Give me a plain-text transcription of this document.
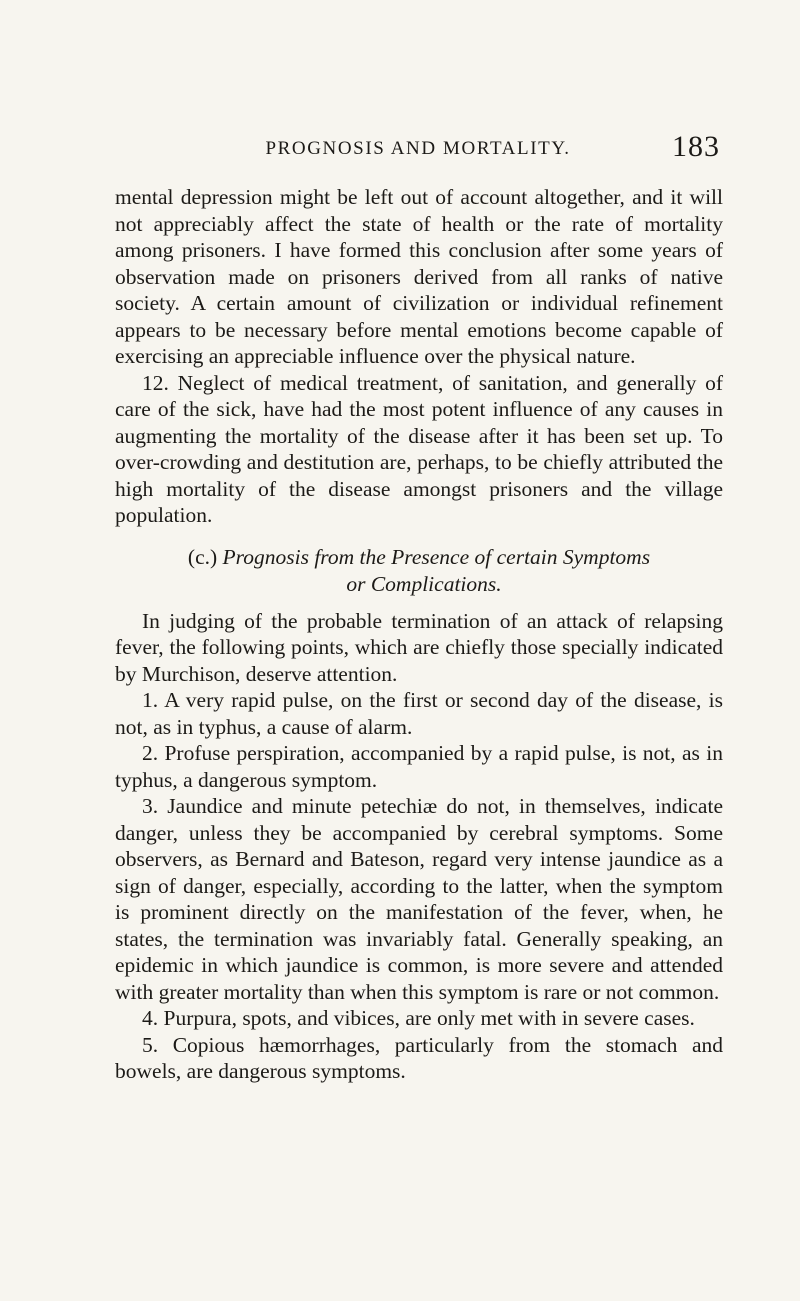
PROGNOSIS AND MORTALITY.	183

mental depression might be left out of account altogether, and it will not appreciably affect the state of health or the rate of mortality among prisoners. I have formed this conclusion after some years of observation made on prisoners derived from all ranks of native society. A certain amount of civilization or individual refinement appears to be necessary before mental emotions become capable of exercising an appreciable influence over the physical nature.

12. Neglect of medical treatment, of sanitation, and generally of care of the sick, have had the most potent influence of any causes in augmenting the mortality of the disease after it has been set up. To over-crowding and destitution are, perhaps, to be chiefly attributed the high mortality of the disease amongst prisoners and the village population.

(c.) Prognosis from the Presence of certain Symptoms
or Complications.

In judging of the probable termination of an attack of relapsing fever, the following points, which are chiefly those specially indicated by Murchison, deserve attention.

1. A very rapid pulse, on the first or second day of the disease, is not, as in typhus, a cause of alarm.

2. Profuse perspiration, accompanied by a rapid pulse, is not, as in typhus, a dangerous symptom.

3. Jaundice and minute petechiæ do not, in themselves, indicate danger, unless they be accompanied by cerebral symptoms. Some observers, as Bernard and Bateson, regard very intense jaundice as a sign of danger, especially, according to the latter, when the symptom is prominent directly on the manifestation of the fever, when, he states, the termination was invariably fatal. Generally speaking, an epidemic in which jaundice is common, is more severe and attended with greater mortality than when this symptom is rare or not common.

4. Purpura, spots, and vibices, are only met with in severe cases.

5. Copious hæmorrhages, particularly from the stomach and bowels, are dangerous symptoms.
